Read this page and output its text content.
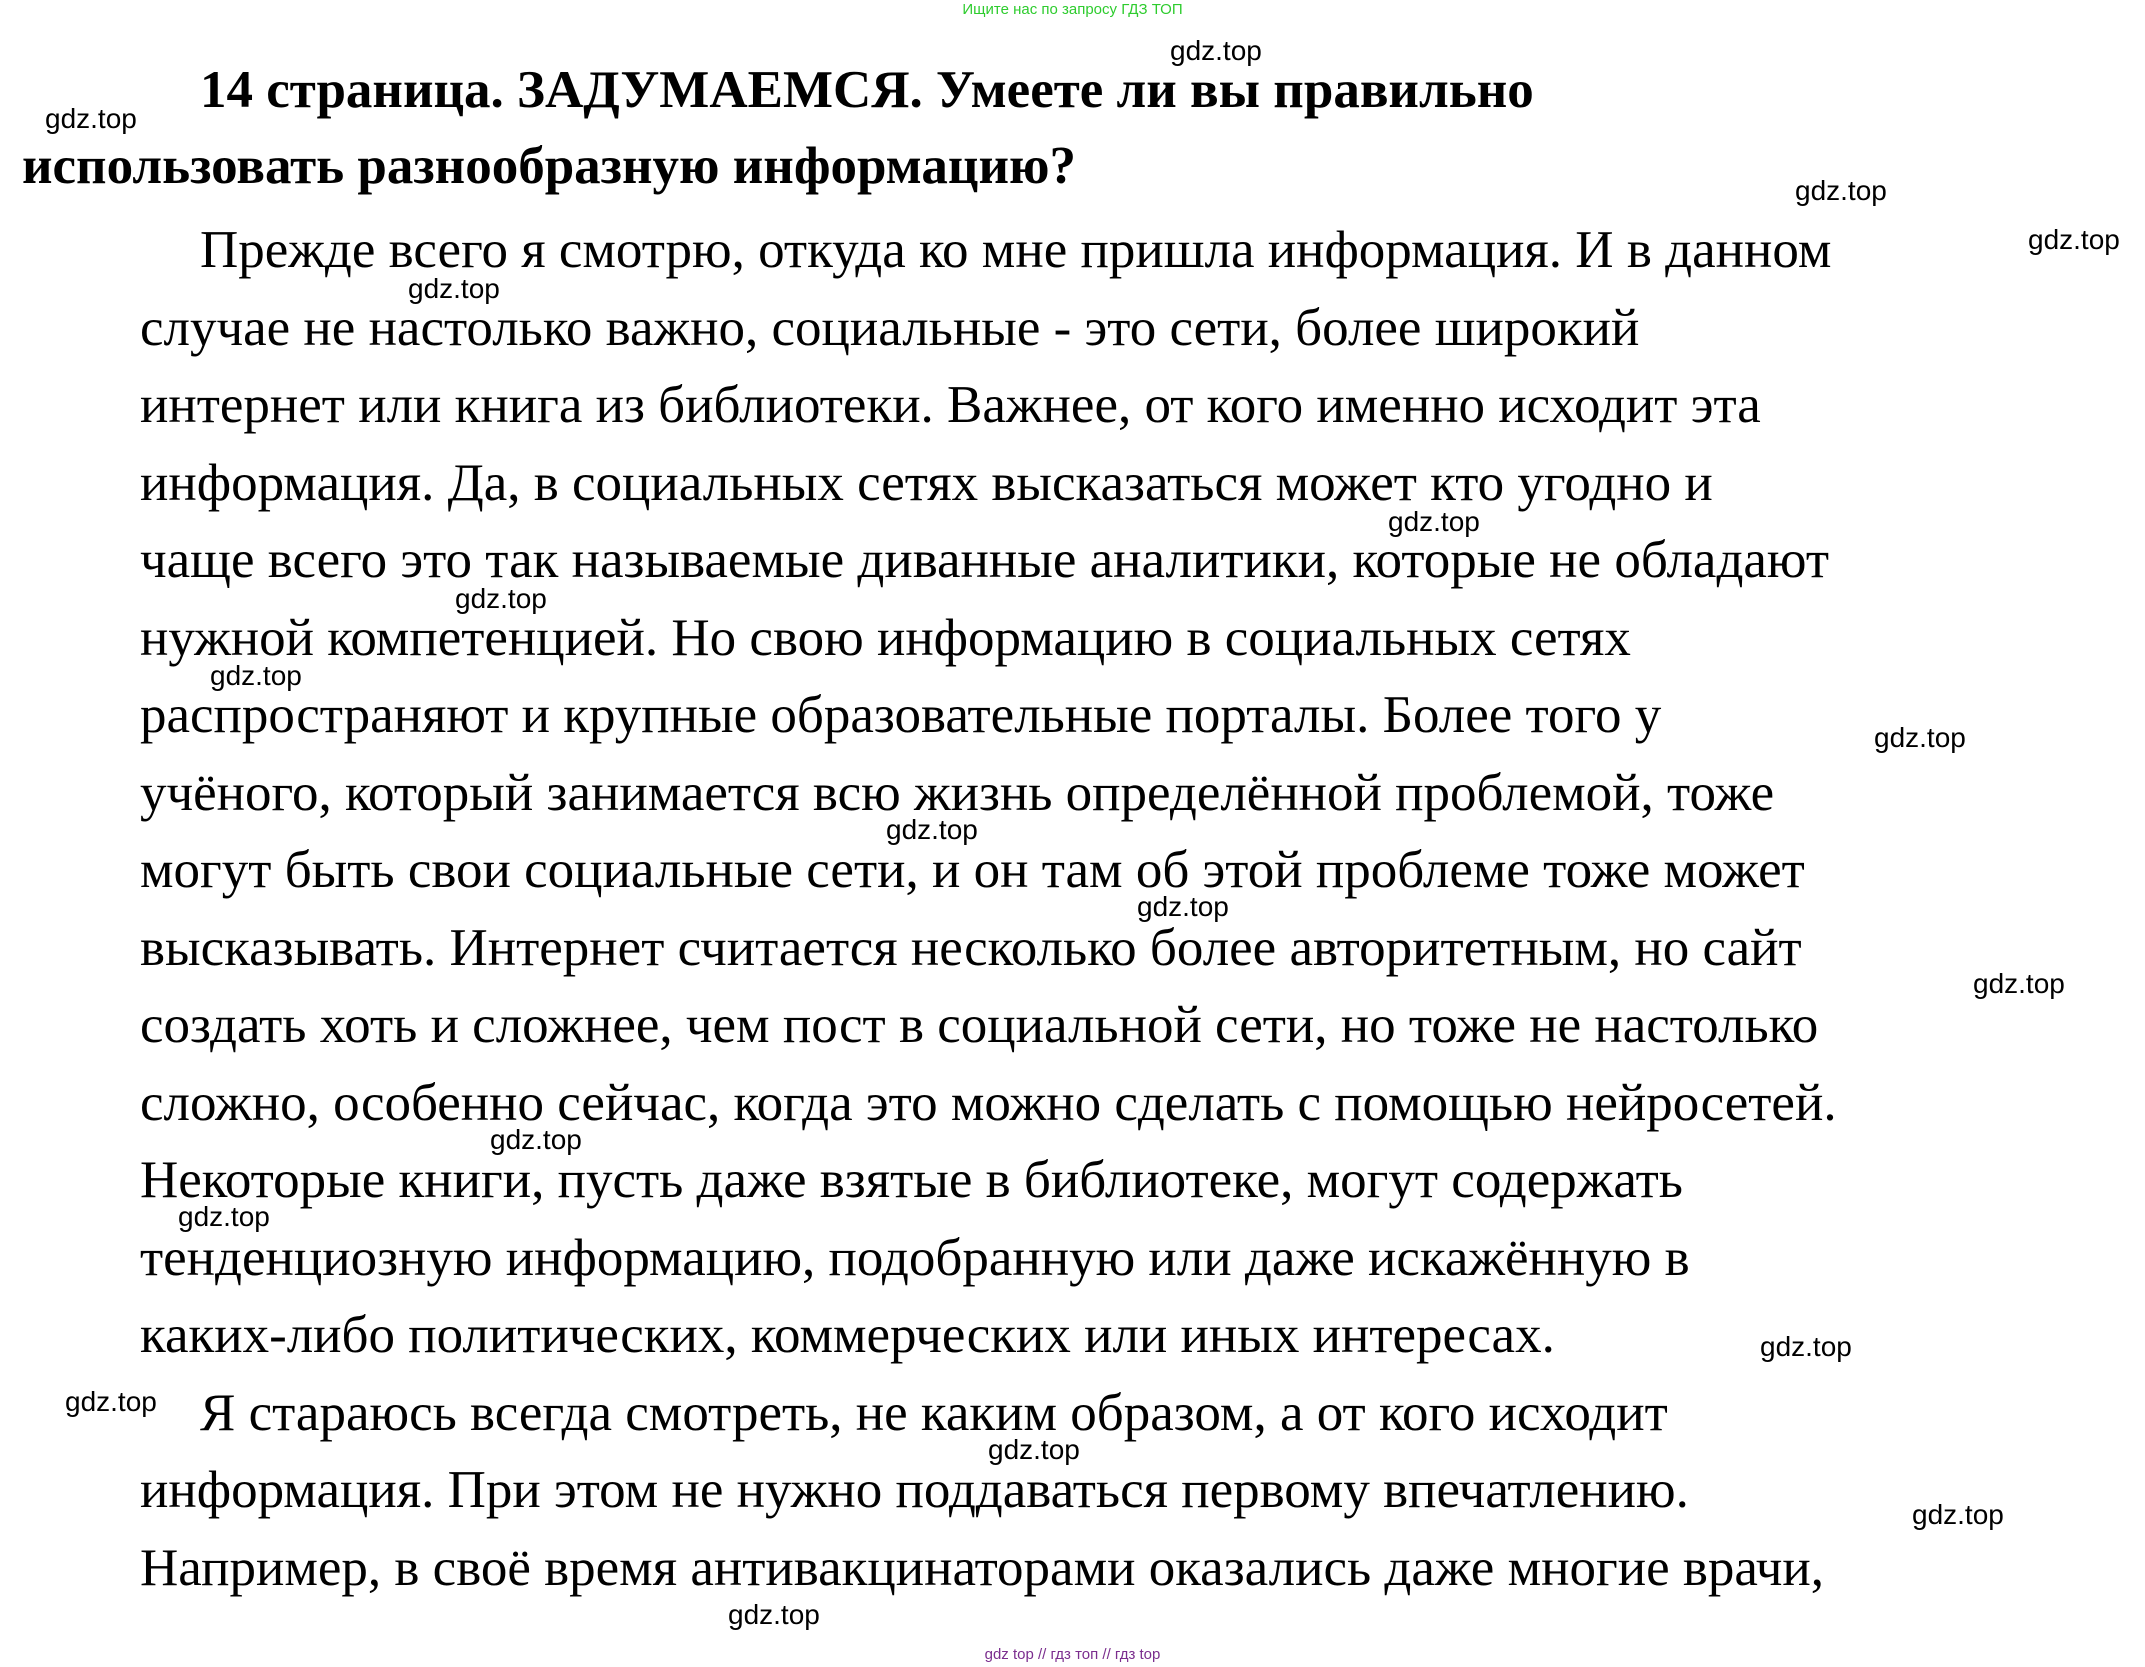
Ищите нас по запросу ГДЗ ТОП
14 страница. ЗАДУМАЕМСЯ. Умеете ли вы правильно использовать разнообразную информацию?

Прежде всего я смотрю, откуда ко мне пришла информация. И в данном
случае не настолько важно, социальные - это сети, более широкий
интернет или книга из библиотеки. Важнее, от кого именно исходит эта
информация. Да, в социальных сетях высказаться может кто угодно и
чаще всего это так называемые диванные аналитики, которые не обладают
нужной компетенцией. Но свою информацию в социальных сетях
распространяют и крупные образовательные порталы. Более того у
учёного, который занимается всю жизнь определённой проблемой, тоже
могут быть свои социальные сети, и он там об этой проблеме тоже может
высказывать. Интернет считается несколько более авторитетным, но сайт
создать хоть и сложнее, чем пост в социальной сети, но тоже не настолько
сложно, особенно сейчас, когда это можно сделать с помощью нейросетей.
Некоторые книги, пусть даже взятые в библиотеке, могут содержать
тенденциозную информацию, подобранную или даже искажённую в
каких-либо политических, коммерческих или иных интересах.

Я стараюсь всегда смотреть, не каким образом, а от кого исходит
информация. При этом не нужно поддаваться первому впечатлению.
Например, в своё время антивакцинаторами оказались даже многие врачи,

gdz.top
gdz.top
gdz.top
gdz.top
gdz.top
gdz.top
gdz.top
gdz.top
gdz.top
gdz.top
gdz.top
gdz.top
gdz.top
gdz.top
gdz.top
gdz.top
gdz.top
gdz.top
gdz.top
gdz top // гдз топ // гдз top
